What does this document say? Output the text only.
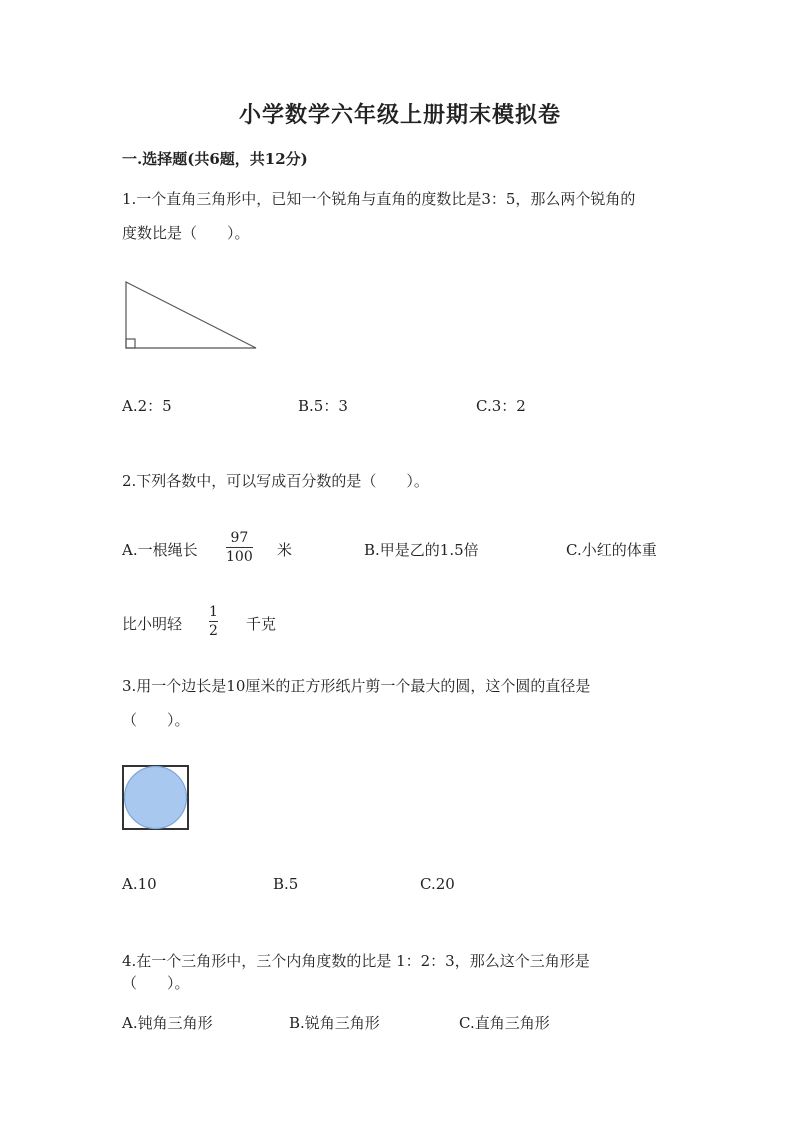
小学数学六年级上册期末模拟卷
一.选择题(共6题，共12分)
1.一个直角三角形中，已知一个锐角与直角的度数比是3：5，那么两个锐角的
度数比是（　　）。
A.2：5	B.5：3	C.3：2
2.下列各数中，可以写成百分数的是（　　）。
A.一根绳长
97
100 米	B.甲是乙的1.5倍	C.小红的体重
比小明轻
1
2 千克
3.用一个边长是10厘米的正方形纸片剪一个最大的圆，这个圆的直径是
（　　）。
A.10	B.5	C.20
4.在一个三角形中，三个内角度数的比是 1：2：3，那么这个三角形是
（　　）。
A.钝角三角形	B.锐角三角形	C.直角三角形
